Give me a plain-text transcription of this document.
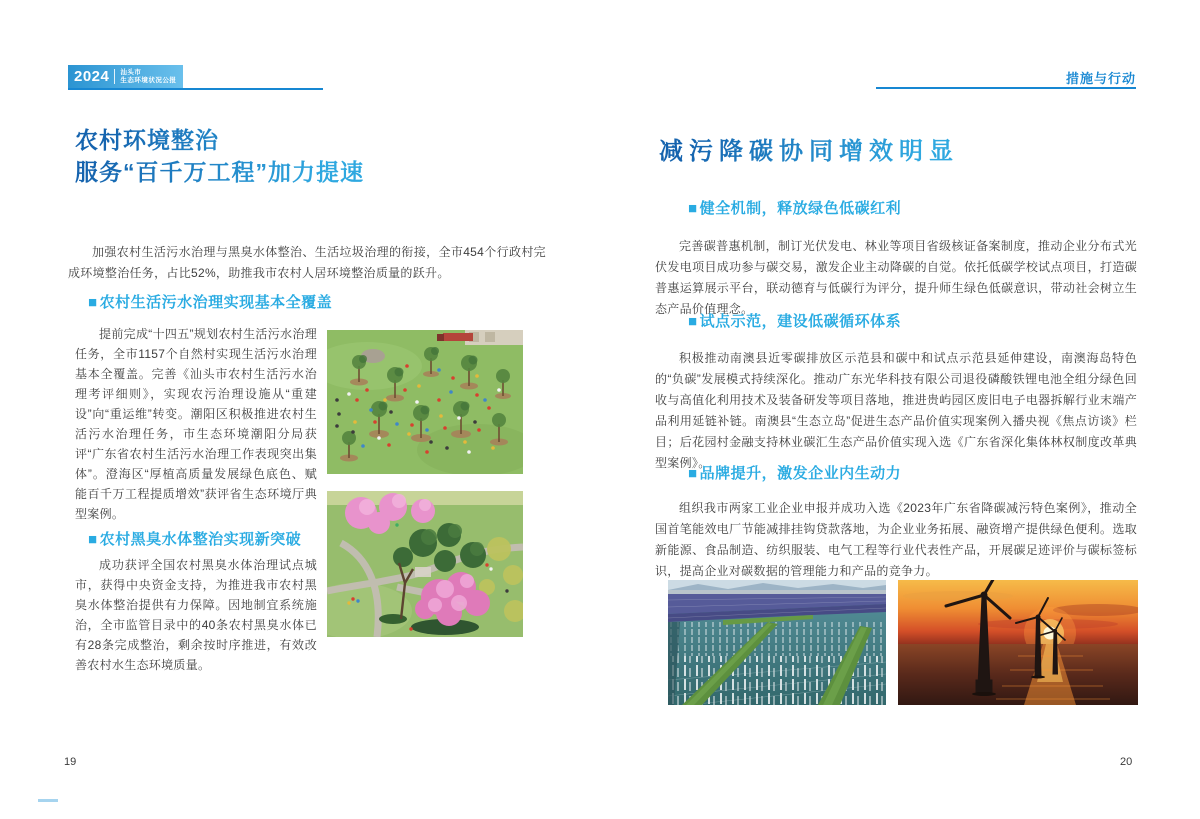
2024 汕头市
生态环境状况公报	措施与行动
农村环境整治
服务“百千万工程”加力提速

加强农村生活污水治理与黑臭水体整治、生活垃圾治理的衔接，全市454个行政村完成环境整治任务，占比52%，助推我市农村人居环境整治质量的跃升。

■ 农村生活污水治理实现基本全覆盖

提前完成“十四五”规划农村生活污水治理任务，全市1157个自然村实现生活污水治理基本全覆盖。完善《汕头市农村生活污水治理考评细则》，实现农污治理设施从“重建设”向“重运维”转变。潮阳区积极推进农村生活污水治理任务，市生态环境潮阳分局获评“广东省农村生活污水治理工作表现突出集体”。澄海区“厚植高质量发展绿色底色、赋能百千万工程提质增效”获评省生态环境厅典型案例。

■ 农村黑臭水体整治实现新突破

成功获评全国农村黑臭水体治理试点城市，获得中央资金支持，为推进我市农村黑臭水体整治提供有力保障。因地制宜系统施治，全市监管目录中的40条农村黑臭水体已有28条完成整治，剩余按时序推进，有效改善农村水生态环境质量。

减污降碳协同增效明显
■ 健全机制，释放绿色低碳红利

完善碳普惠机制，制订光伏发电、林业等项目省级核证备案制度，推动企业分布式光伏发电项目成功参与碳交易，激发企业主动降碳的自觉。依托低碳学校试点项目，打造碳普惠运算展示平台，联动德育与低碳行为评分，提升师生绿色低碳意识，带动社会树立生态产品价值理念。

■ 试点示范，建设低碳循环体系

积极推动南澳县近零碳排放区示范县和碳中和试点示范县延伸建设，南澳海岛特色的“负碳”发展模式持续深化。推动广东光华科技有限公司退役磷酸铁锂电池全组分绿色回收与高值化利用技术及装备研发等项目落地，推进贵屿园区废旧电子电器拆解行业末端产品利用延链补链。南澳县“生态立岛”促进生态产品价值实现案例入播央视《焦点访谈》栏目；后花园村金融支持林业碳汇生态产品价值实现入选《广东省深化集体林权制度改革典型案例》。

■ 品牌提升，激发企业内生动力

组织我市两家工业企业申报并成功入选《2023年广东省降碳减污特色案例》，推动全国首笔能效电厂节能减排挂钩贷款落地，为企业业务拓展、融资增产提供绿色便利。选取新能源、食品制造、纺织服装、电气工程等行业代表性产品，开展碳足迹评价与碳标签标识，提高企业对碳数据的管理能力和产品的竞争力。

19	20
